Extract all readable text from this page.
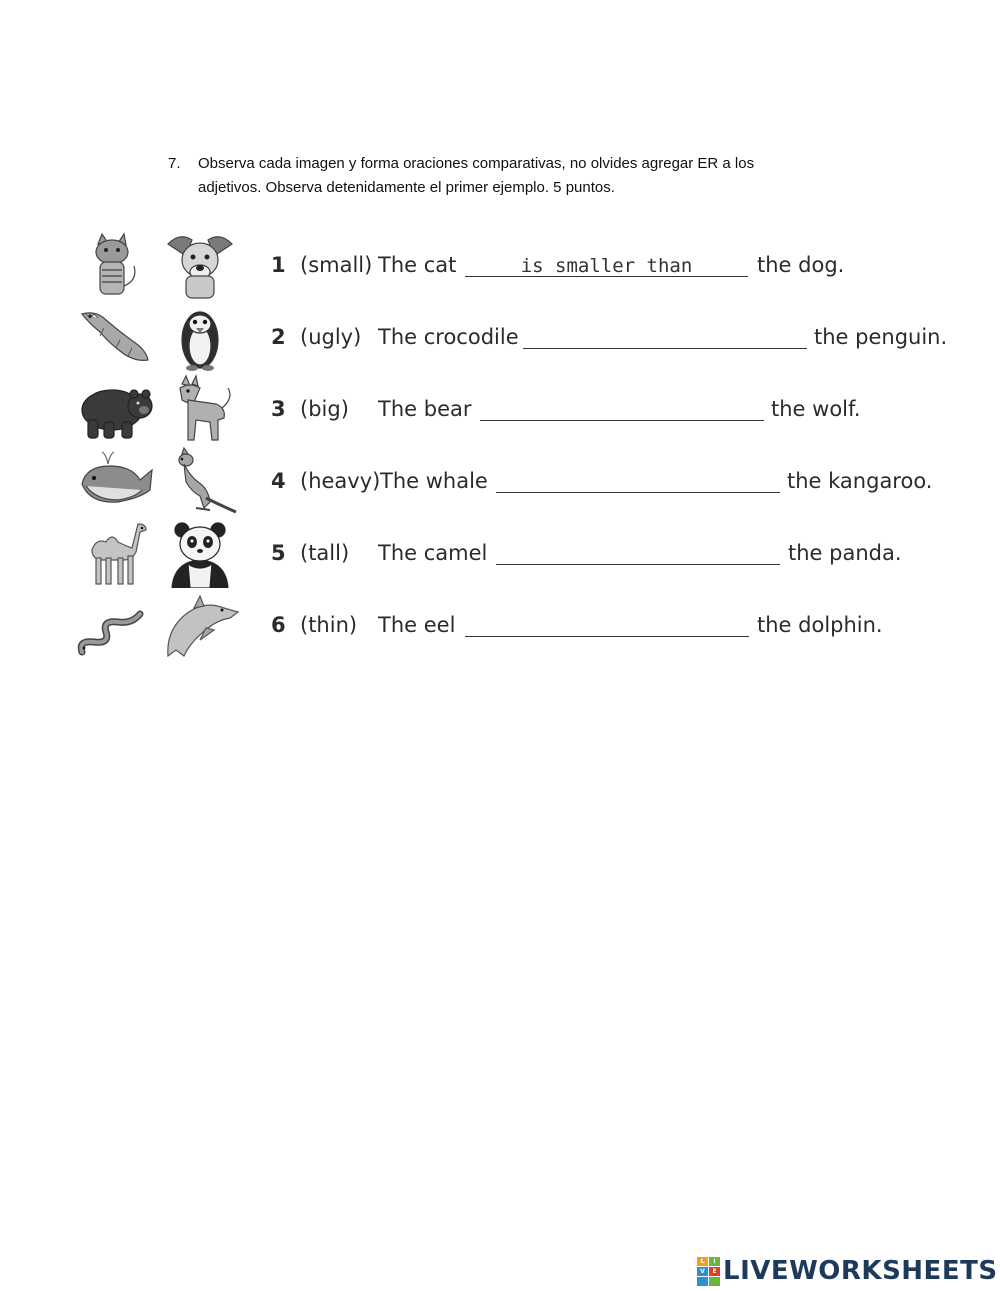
7. Observa cada imagen y forma oraciones comparativas, no olvides agregar ER a los
adjetivos. Observa detenidamente el primer ejemplo. 5 puntos.
1 (small) The cat	is smaller than	the dog.
2 (ugly) The crocodile	the penguin.
3 (big) The bear	the wolf.
4 (heavy) The whale	the kangaroo.
5 (tall) The camel	the panda.
6 (thin) The eel	the dolphin.
L	I
V	E LIVEWORKSHEETS
